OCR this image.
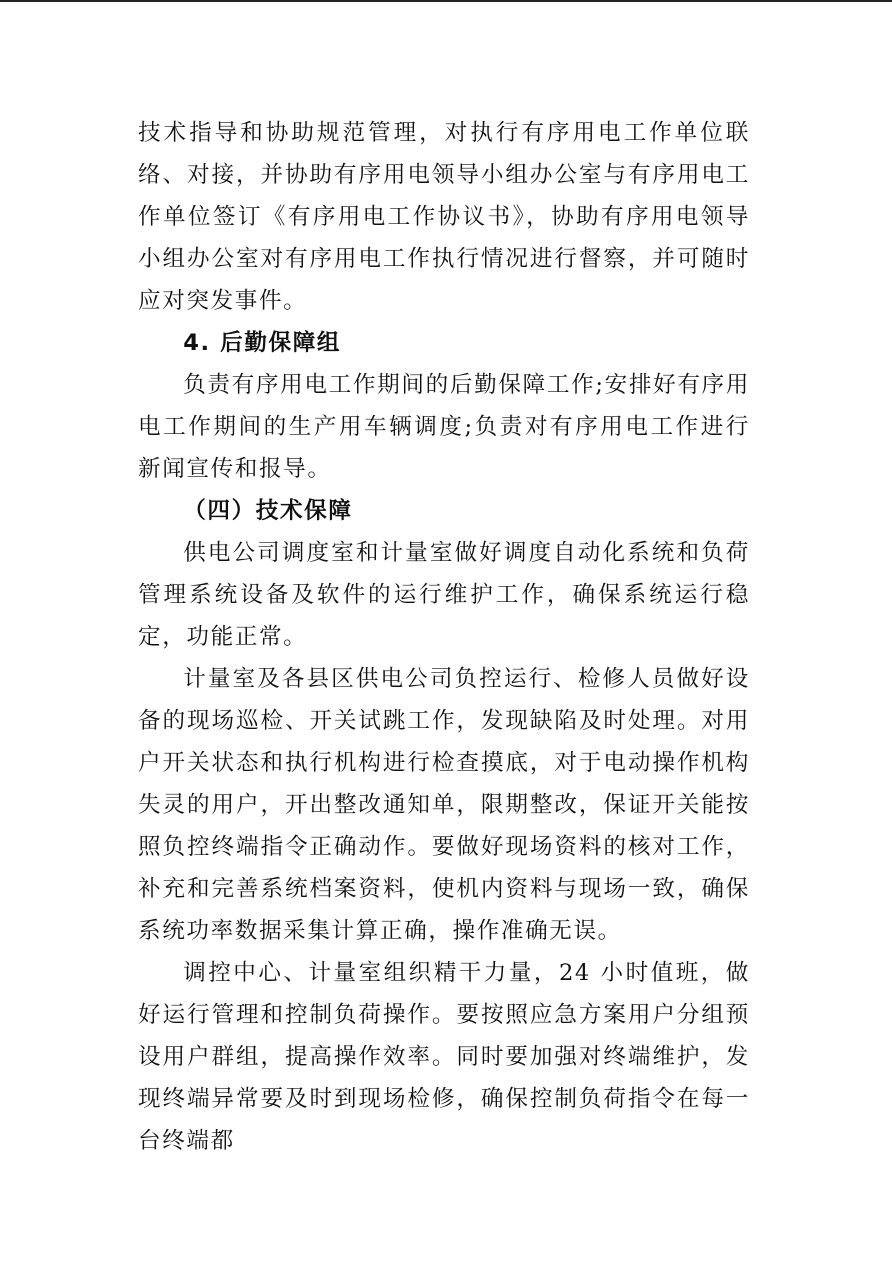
技术指导和协助规范管理，对执行有序用电工作单位联络、对接，并协助有序用电领导小组办公室与有序用电工作单位签订《有序用电工作协议书》，协助有序用电领导小组办公室对有序用电工作执行情况进行督察，并可随时应对突发事件。

4. 后勤保障组

负责有序用电工作期间的后勤保障工作;安排好有序用电工作期间的生产用车辆调度;负责对有序用电工作进行新闻宣传和报导。

（四）技术保障

供电公司调度室和计量室做好调度自动化系统和负荷管理系统设备及软件的运行维护工作，确保系统运行稳定，功能正常。

计量室及各县区供电公司负控运行、检修人员做好设备的现场巡检、开关试跳工作，发现缺陷及时处理。对用户开关状态和执行机构进行检查摸底，对于电动操作机构失灵的用户，开出整改通知单，限期整改，保证开关能按照负控终端指令正确动作。要做好现场资料的核对工作，补充和完善系统档案资料，使机内资料与现场一致，确保系统功率数据采集计算正确，操作准确无误。

调控中心、计量室组织精干力量，24 小时值班，做好运行管理和控制负荷操作。要按照应急方案用户分组预设用户群组，提高操作效率。同时要加强对终端维护，发现终端异常要及时到现场检修，确保控制负荷指令在每一台终端都
